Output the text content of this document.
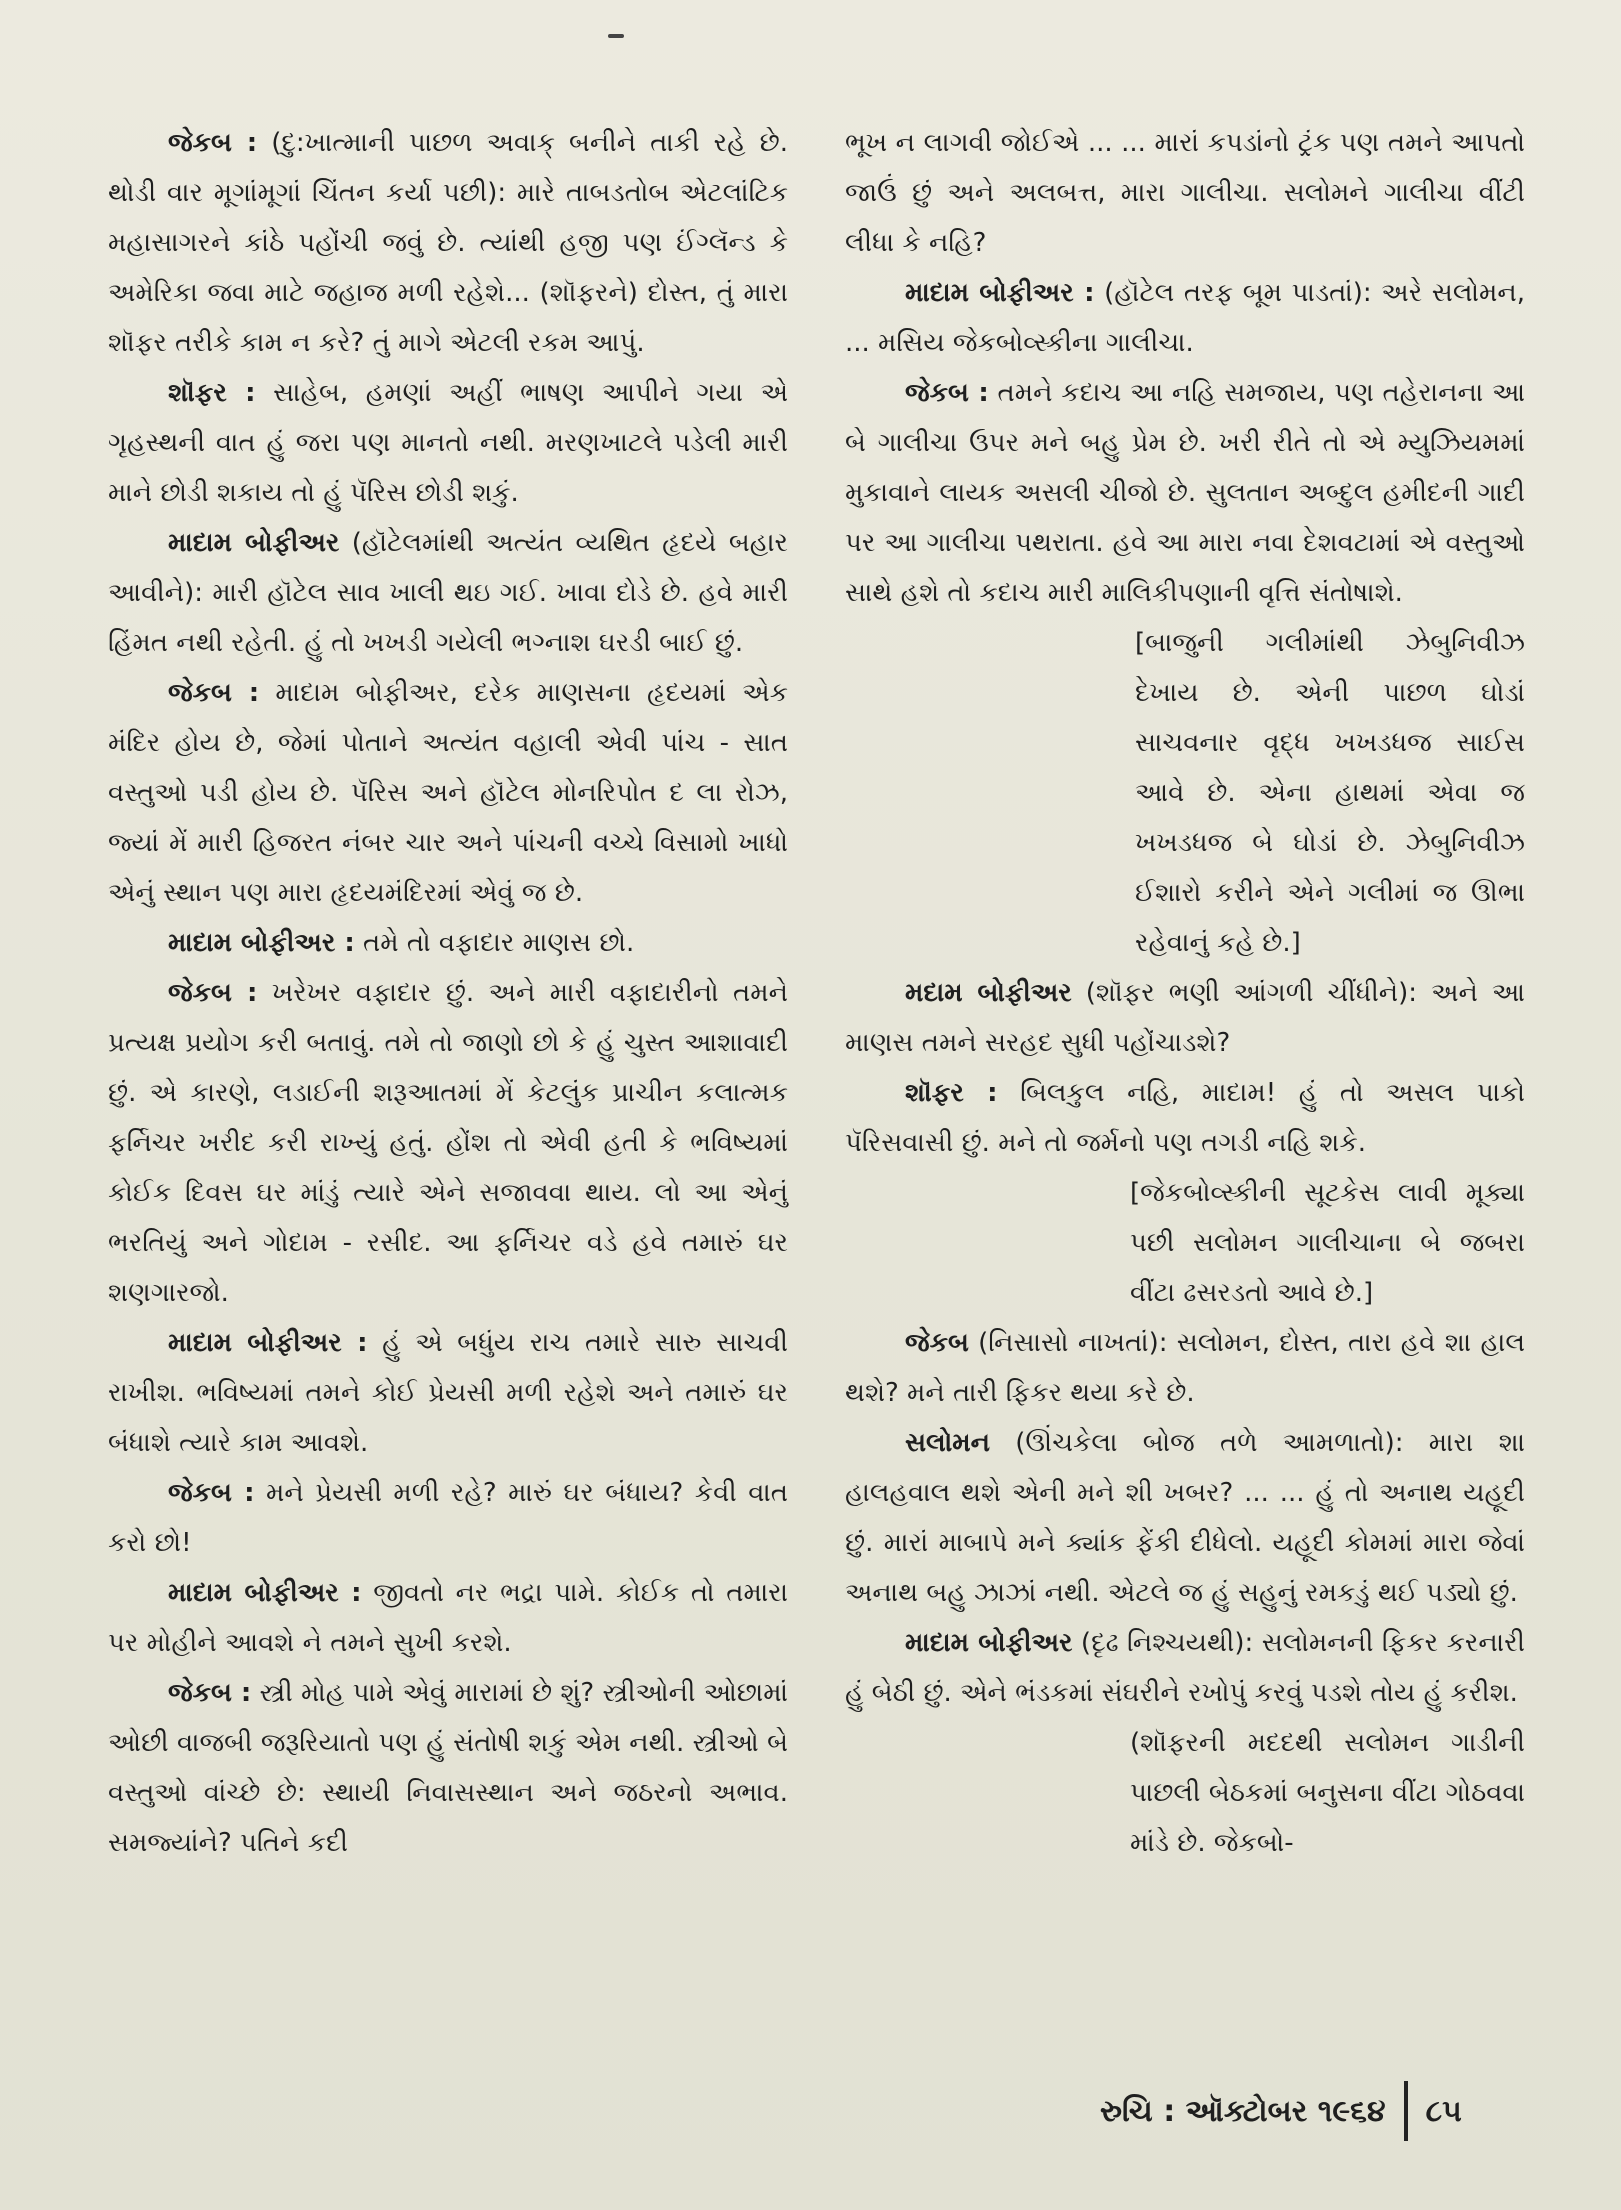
જેકબ : (દુ:ખાત્માની પાછળ અવાક્ બનીને તાકી રહે છે. થોડી વાર મૂગાંમૂગાં ચિંતન કર્યા પછી): મારે તાબડતોબ એટલાંટિક મહાસાગરને કાંઠે પહોંચી જવું છે. ત્યાંથી હજી પણ ઈંગ્લૅન્ડ કે અમેરિકા જવા માટે જહાજ મળી રહેશે... (શૉફરને) દોસ્ત, તું મારા શૉફર તરીકે કામ ન કરે? તું માગે એટલી રકમ આપું.

શૉફર : સાહેબ, હમણાં અહીં ભાષણ આપીને ગયા એ ગૃહસ્થની વાત હું જરા પણ માનતો નથી. મરણખાટલે પડેલી મારી માને છોડી શકાય તો હું પૅરિસ છોડી શકું.

માદામ બોફીઅર (હૉટેલમાંથી અત્યંત વ્યથિત હૃદયે બહાર આવીને): મારી હૉટેલ સાવ ખાલી થઇ ગઈ. ખાવા દોડે છે. હવે મારી હિંમત નથી રહેતી. હું તો ખખડી ગયેલી ભગ્નાશ ઘરડી બાઈ છું.

જેકબ : માદામ બોફીઅર, દરેક માણસના હૃદયમાં એક મંદિર હોય છે, જેમાં પોતાને અત્યંત વહાલી એવી પાંચ - સાત વસ્તુઓ પડી હોય છે. પૅરિસ અને હૉટેલ મોનરિપોત દ લા રોઝ, જ્યાં મેં મારી હિજરત નંબર ચાર અને પાંચની વચ્ચે વિસામો ખાધો એનું સ્થાન પણ મારા હૃદયમંદિરમાં એવું જ છે.

માદામ બોફીઅર : તમે તો વફાદાર માણસ છો.

જેકબ : ખરેખર વફાદાર છું. અને મારી વફાદારીનો તમને પ્રત્યક્ષ પ્રયોગ કરી બતાવું. તમે તો જાણો છો કે હું ચુસ્ત આશાવાદી છું. એ કારણે, લડાઈની શરૂઆતમાં મેં કેટલુંક પ્રાચીન કલાત્મક ફર્નિચર ખરીદ કરી રાખ્યું હતું. હોંશ તો એવી હતી કે ભવિષ્યમાં કોઈક દિવસ ઘર માંડું ત્યારે એને સજાવવા થાય. લો આ એનું ભરતિયું અને ગોદામ - રસીદ. આ ફર્નિચર વડે હવે તમારું ઘર શણગારજો.

માદામ બોફીઅર : હું એ બધુંય રાચ તમારે સારુ સાચવી રાખીશ. ભવિષ્યમાં તમને કોઈ પ્રેયસી મળી રહેશે અને તમારું ઘર બંધાશે ત્યારે કામ આવશે.

જેકબ : મને પ્રેયસી મળી રહે? મારું ઘર બંધાય? કેવી વાત કરો છો!

માદામ બોફીઅર : જીવતો નર ભદ્રા પામે. કોઈક તો તમારા પર મોહીને આવશે ને તમને સુખી કરશે.

જેકબ : સ્ત્રી મોહ પામે એવું મારામાં છે શું? સ્ત્રીઓની ઓછામાં ઓછી વાજબી જરૂરિયાતો પણ હું સંતોષી શકું એમ નથી. સ્ત્રીઓ બે વસ્તુઓ વાંચ્છે છે: સ્થાયી નિવાસસ્થાન અને જઠરનો અભાવ. સમજ્યાંને? પતિને કદી

ભૂખ ન લાગવી જોઈએ ... ... મારાં કપડાંનો ટ્રંક પણ તમને આપતો જાઉં છું અને અલબત્ત, મારા ગાલીચા. સલોમને ગાલીચા વીંટી લીધા કે નહિ?

માદામ બોફીઅર : (હૉટેલ તરફ બૂમ પાડતાં): અરે સલોમન, ... મસિય જેકબોવ્સ્કીના ગાલીચા.

જેકબ : તમને કદાચ આ નહિ સમજાય, પણ તહેરાનના આ બે ગાલીચા ઉપર મને બહુ પ્રેમ છે. ખરી રીતે તો એ મ્યુઝિયમમાં મુકાવાને લાયક અસલી ચીજો છે. સુલતાન અબ્દુલ હમીદની ગાદી પર આ ગાલીચા પથરાતા. હવે આ મારા નવા દેશવટામાં એ વસ્તુઓ સાથે હશે તો કદાચ મારી માલિકીપણાની વૃત્તિ સંતોષાશે.

[બાજુની ગલીમાંથી ઝેબુનિવીઝ દેખાય છે. એની પાછળ ઘોડાં સાચવનાર વૃદ્ધ ખખડધજ સાઈસ આવે છે. એના હાથમાં એવા જ ખખડધજ બે ઘોડાં છે. ઝેબુનિવીઝ ઈશારો કરીને એને ગલીમાં જ ઊભા રહેવાનું કહે છે.]

મદામ બોફીઅર (શૉફર ભણી આંગળી ચીંધીને): અને આ માણસ તમને સરહદ સુધી પહોંચાડશે?

શૉફર : બિલકુલ નહિ, માદામ! હું તો અસલ પાકો પૅરિસવાસી છું. મને તો જર્મનો પણ તગડી નહિ શકે.

[જેકબોવ્સ્કીની સૂટકેસ લાવી મૂક્યા પછી સલોમન ગાલીચાના બે જબરા વીંટા ઢસરડતો આવે છે.]

જેકબ (નિસાસો નાખતાં): સલોમન, દોસ્ત, તારા હવે શા હાલ થશે? મને તારી ફિકર થયા કરે છે.

સલોમન (ઊંચકેલા બોજ તળે આમળાતો): મારા શા હાલહવાલ થશે એની મને શી ખબર? ... ... હું તો અનાથ યહૂદી છું. મારાં માબાપે મને ક્યાંક ફેંકી દીધેલો. યહૂદી કોમમાં મારા જેવાં અનાથ બહુ ઝાઝાં નથી. એટલે જ હું સહુનું રમકડું થઈ પડ્યો છું.

માદામ બોફીઅર (દૃઢ નિશ્ચયથી): સલોમનની ફિકર કરનારી હું બેઠી છું. એને ભંડકમાં સંઘરીને રખોપું કરવું પડશે તોય હું કરીશ.

(શૉફરની મદદથી સલોમન ગાડીની પાછલી બેઠકમાં બનુસના વીંટા ગોઠવવા માંડે છે. જેકબો-

રુચિ : ઑક્ટોબર ૧૯૬૪ ૮૫
